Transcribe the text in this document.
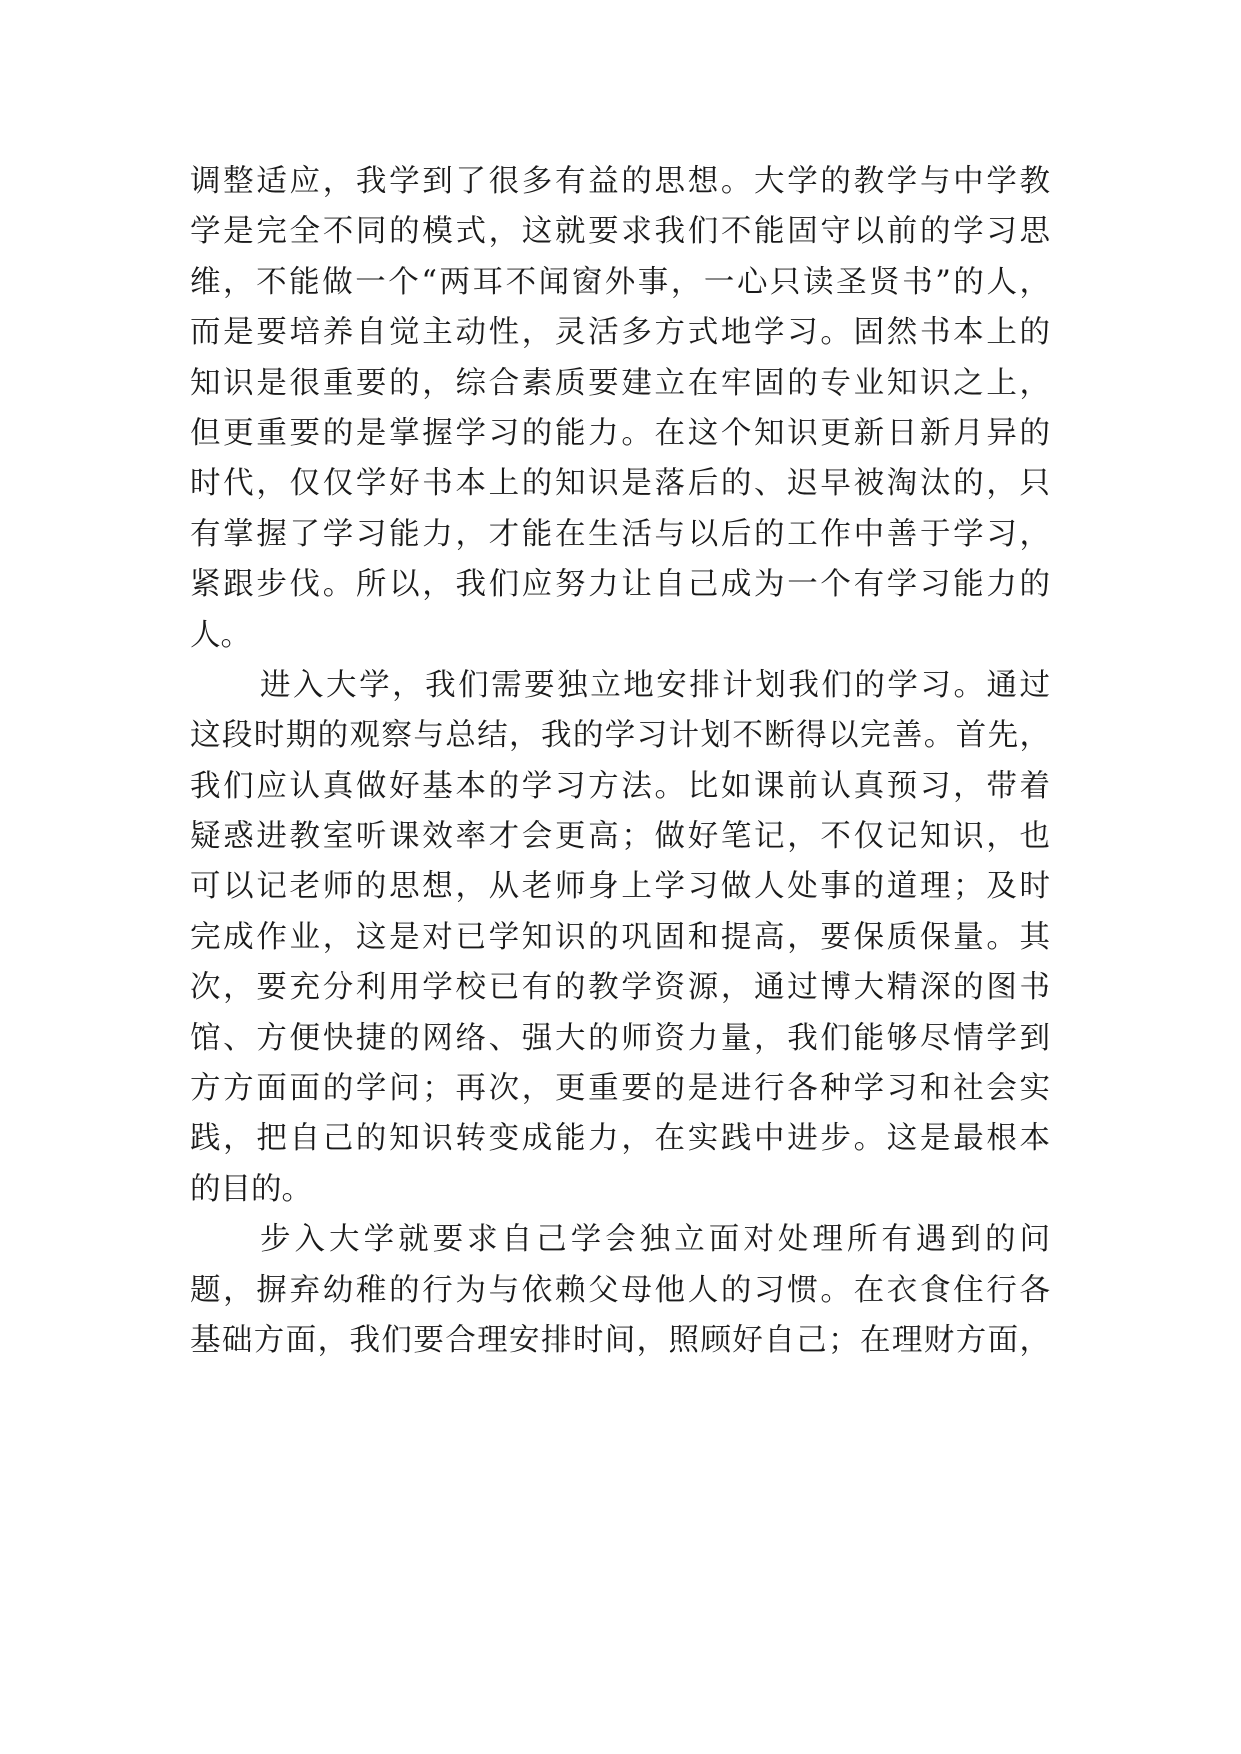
调整适应，我学到了很多有益的思想。大学的教学与中学教
学是完全不同的模式，这就要求我们不能固守以前的学习思
维，不能做一个“两耳不闻窗外事，一心只读圣贤书”的人，
而是要培养自觉主动性，灵活多方式地学习。固然书本上的
知识是很重要的，综合素质要建立在牢固的专业知识之上，
但更重要的是掌握学习的能力。在这个知识更新日新月异的
时代，仅仅学好书本上的知识是落后的、迟早被淘汰的，只
有掌握了学习能力，才能在生活与以后的工作中善于学习，
紧跟步伐。所以，我们应努力让自己成为一个有学习能力的
人。
进入大学，我们需要独立地安排计划我们的学习。通过
这段时期的观察与总结，我的学习计划不断得以完善。首先，
我们应认真做好基本的学习方法。比如课前认真预习，带着
疑惑进教室听课效率才会更高；做好笔记，不仅记知识，也
可以记老师的思想，从老师身上学习做人处事的道理；及时
完成作业，这是对已学知识的巩固和提高，要保质保量。其
次，要充分利用学校已有的教学资源，通过博大精深的图书
馆、方便快捷的网络、强大的师资力量，我们能够尽情学到
方方面面的学问；再次，更重要的是进行各种学习和社会实
践，把自己的知识转变成能力，在实践中进步。这是最根本
的目的。
步入大学就要求自己学会独立面对处理所有遇到的问
题，摒弃幼稚的行为与依赖父母他人的习惯。在衣食住行各
基础方面，我们要合理安排时间，照顾好自己；在理财方面，
